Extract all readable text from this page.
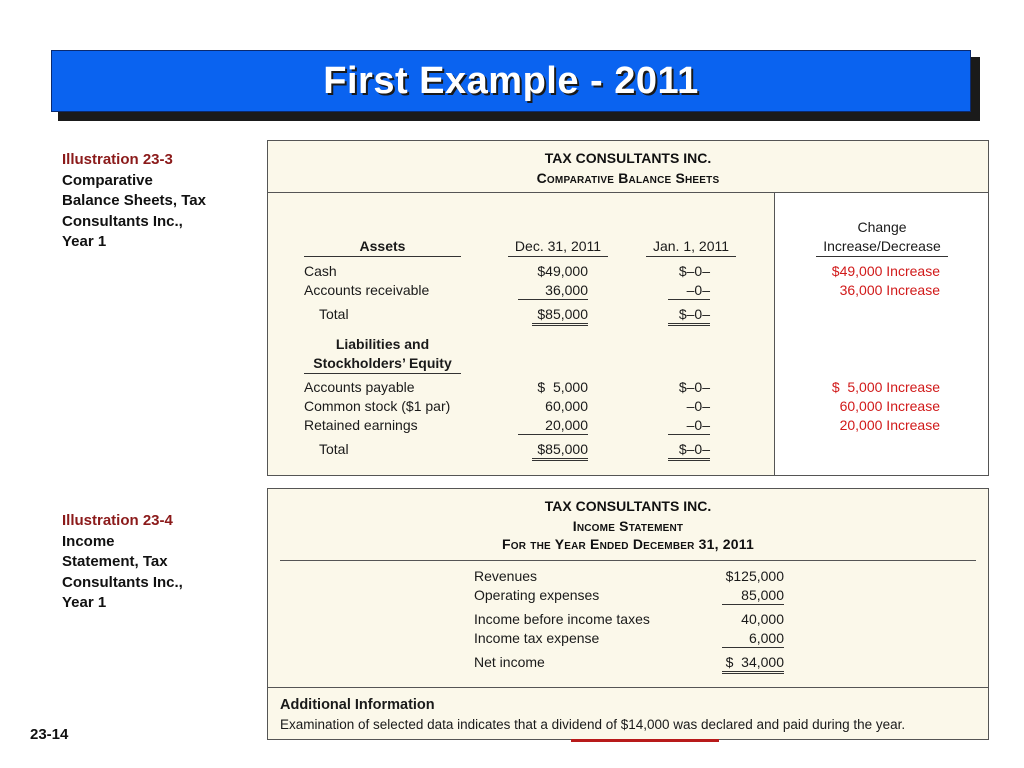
First Example - 2011
Illustration 23-3
Comparative
Balance Sheets, Tax
Consultants Inc.,
Year 1
Illustration 23-4
Income
Statement, Tax
Consultants Inc.,
Year 1
TAX CONSULTANTS INC.
Comparative Balance Sheets
Assets	Dec. 31, 2011	Jan. 1, 2011
Change
Increase/Decrease
Cash	$49,000	$–0–	$49,000 Increase
Accounts receivable	36,000	–0–	36,000 Increase
Total	$85,000	$–0–
Liabilities and
Stockholders’ Equity
Accounts payable	$  5,000	$–0–	$  5,000 Increase
Common stock ($1 par)	60,000	–0–	60,000 Increase
Retained earnings	20,000	–0–	20,000 Increase
Total	$85,000	$–0–
TAX CONSULTANTS INC.
Income Statement
For the Year Ended December 31, 2011
Revenues	$125,000
Operating expenses	85,000
Income before income taxes	40,000
Income tax expense	6,000
Net income	$  34,000
Additional Information
Examination of selected data indicates that a dividend of $14,000 was declared and paid during the year.
23-14
